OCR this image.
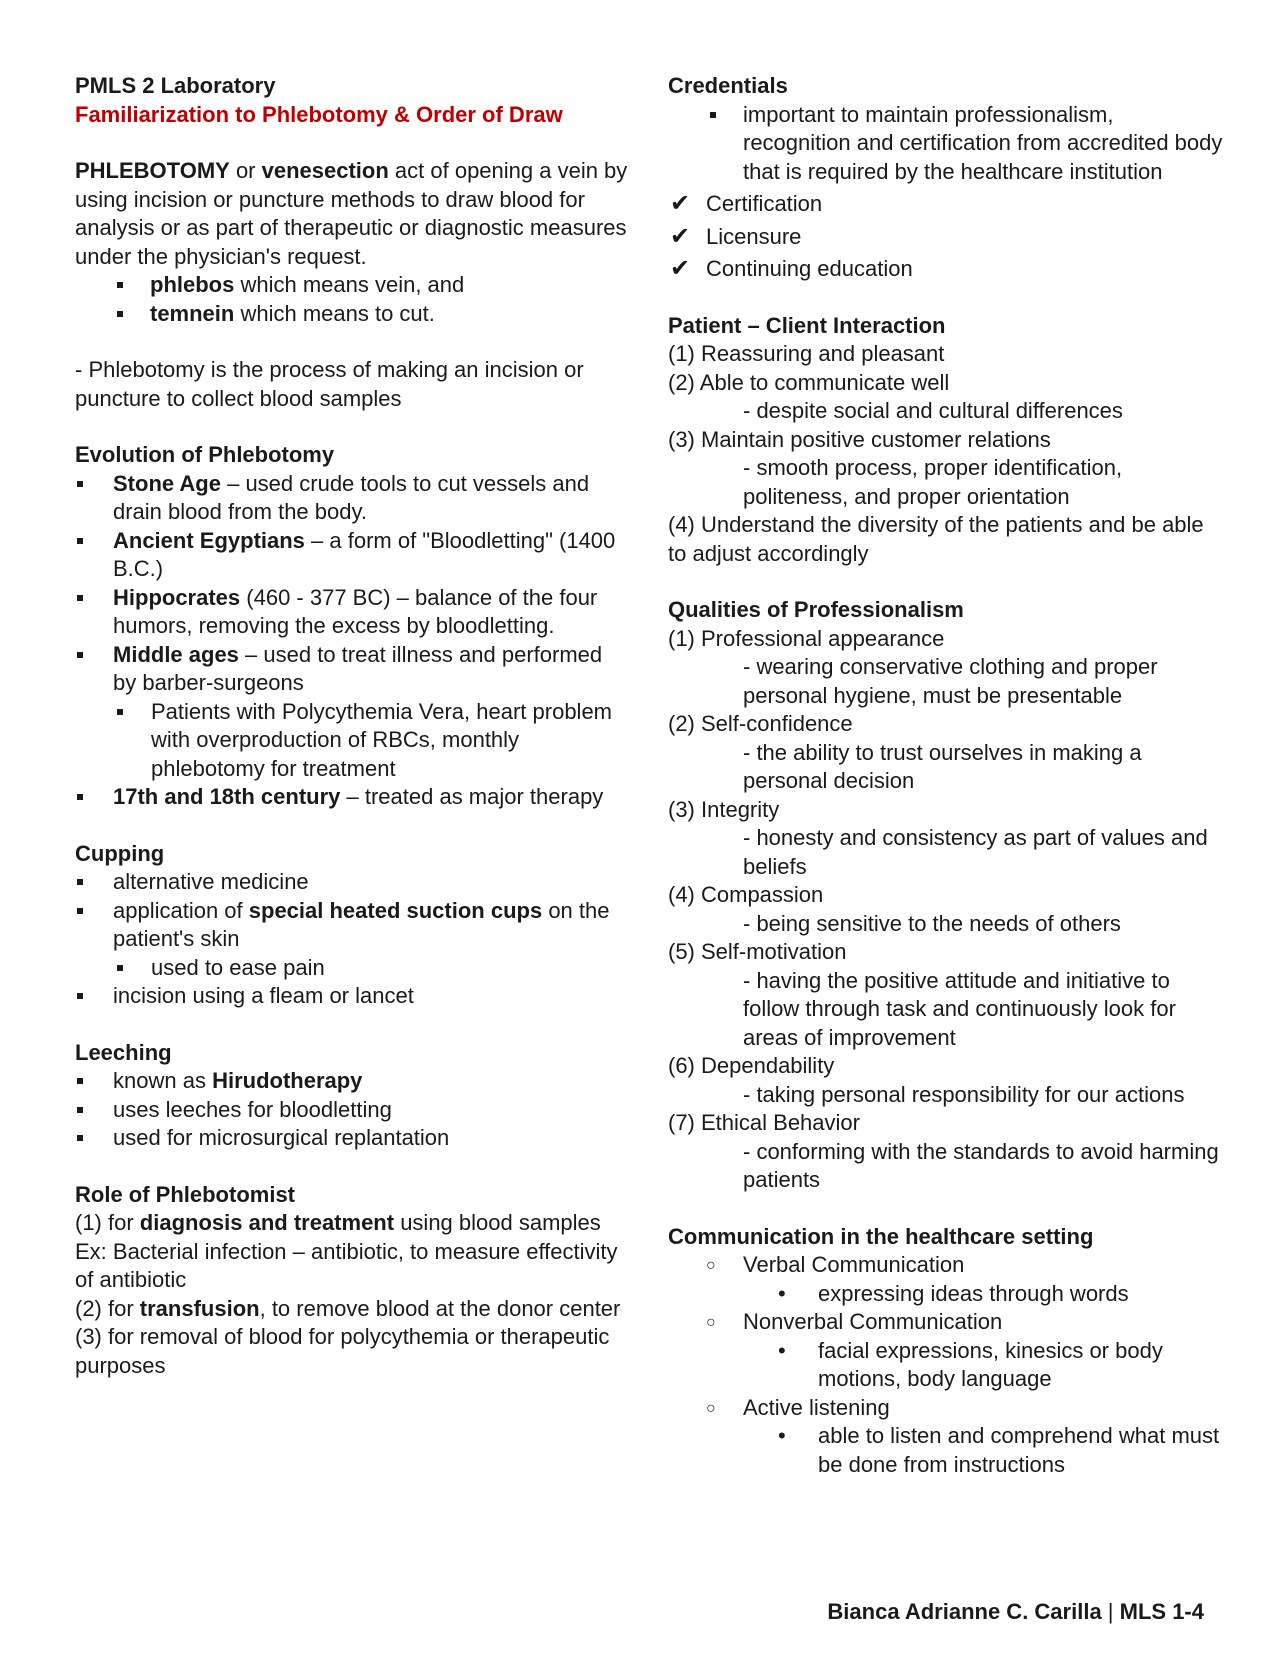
PMLS 2 Laboratory
Familiarization to Phlebotomy & Order of Draw
PHLEBOTOMY or venesection act of opening a vein by using incision or puncture methods to draw blood for analysis or as part of therapeutic or diagnostic measures under the physician's request.
phlebos which means vein, and
temnein which means to cut.
- Phlebotomy is the process of making an incision or puncture to collect blood samples
Evolution of Phlebotomy
Stone Age – used crude tools to cut vessels and drain blood from the body.
Ancient Egyptians – a form of "Bloodletting" (1400 B.C.)
Hippocrates (460 - 377 BC) – balance of the four humors, removing the excess by bloodletting.
Middle ages – used to treat illness and performed by barber-surgeons
Patients with Polycythemia Vera, heart problem with overproduction of RBCs, monthly phlebotomy for treatment
17th and 18th century – treated as major therapy
Cupping
alternative medicine
application of special heated suction cups on the patient's skin
used to ease pain
incision using a fleam or lancet
Leeching
known as Hirudotherapy
uses leeches for bloodletting
used for microsurgical replantation
Role of Phlebotomist
(1) for diagnosis and treatment using blood samples
Ex: Bacterial infection – antibiotic, to measure effectivity of antibiotic
(2) for transfusion, to remove blood at the donor center
(3) for removal of blood for polycythemia or therapeutic purposes
Credentials
important to maintain professionalism, recognition and certification from accredited body that is required by the healthcare institution
✔ Certification
✔ Licensure
✔ Continuing education
Patient – Client Interaction
(1) Reassuring and pleasant
(2) Able to communicate well
- despite social and cultural differences
(3) Maintain positive customer relations
- smooth process, proper identification, politeness, and proper orientation
(4) Understand the diversity of the patients and be able to adjust accordingly
Qualities of Professionalism
(1) Professional appearance
- wearing conservative clothing and proper personal hygiene, must be presentable
(2) Self-confidence
- the ability to trust ourselves in making a personal decision
(3) Integrity
- honesty and consistency as part of values and beliefs
(4) Compassion
- being sensitive to the needs of others
(5) Self-motivation
- having the positive attitude and initiative to follow through task and continuously look for areas of improvement
(6) Dependability
- taking personal responsibility for our actions
(7) Ethical Behavior
- conforming with the standards to avoid harming patients
Communication in the healthcare setting
○ Verbal Communication
• expressing ideas through words
○ Nonverbal Communication
• facial expressions, kinesics or body motions, body language
○ Active listening
• able to listen and comprehend what must be done from instructions
Bianca Adrianne C. Carilla | MLS 1-4
